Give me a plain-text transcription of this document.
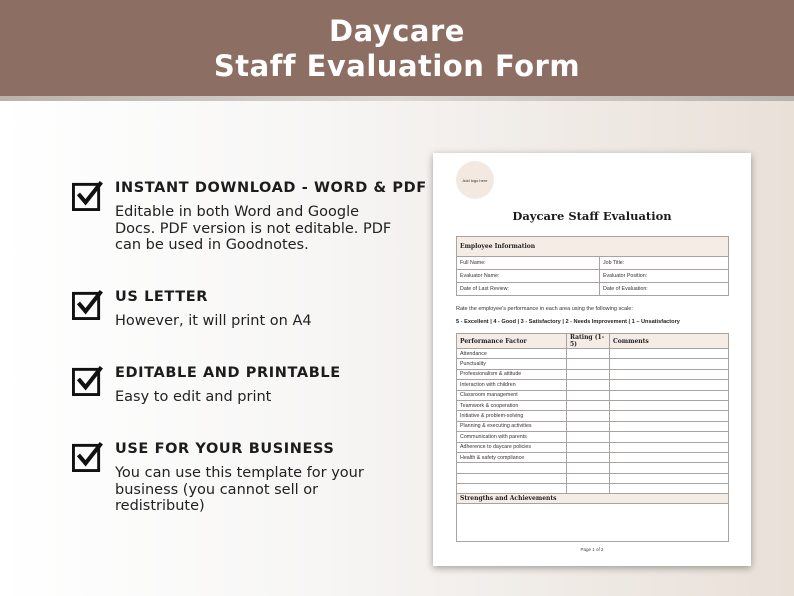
Daycare
Staff Evaluation Form
INSTANT DOWNLOAD - WORD & PDF
Editable in both Word and Google Docs. PDF version is not editable. PDF can be used in Goodnotes.
US LETTER
However, it will print on A4
EDITABLE AND PRINTABLE
Easy to edit and print
USE FOR YOUR BUSINESS
You can use this template for your business (you cannot sell or redistribute)
Add logo here
Daycare Staff Evaluation
Employee Information	
Full Name:	Job Title:
Evaluator Name:	Evaluator Position:
Date of Last Review:	Date of Evaluation:
Rate the employee's performance in each area using the following scale:
5 - Excellent | 4 - Good | 3 - Satisfactory | 2 - Needs Improvement | 1 – Unsatisfactory
Performance Factor	Rating (1-5)	Comments
Attendance		
Punctuality		
Professionalism & attitude		
Interaction with children		
Classroom management		
Teamwork & cooperation		
Initiative & problem-solving		
Planning & executing activities		
Communication with parents		
Adherence to daycare policies		
Health & safety compliance		

Strengths and Achievements

Page 1 of 2
